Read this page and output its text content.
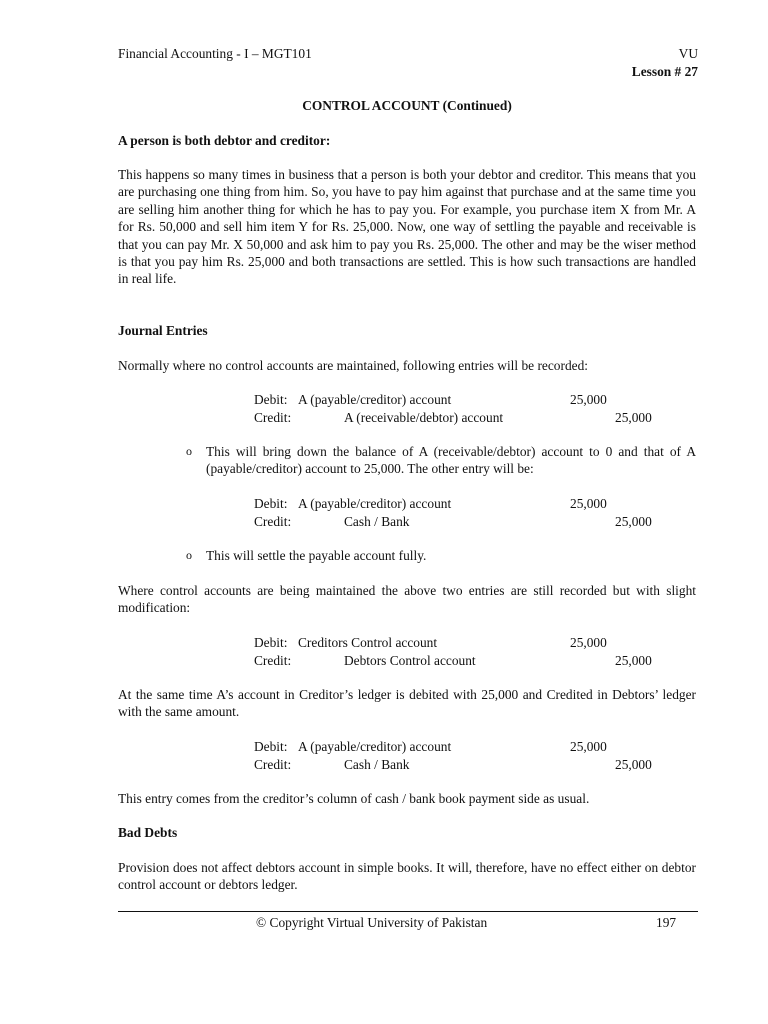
Financial Accounting - I – MGT101	VU
Lesson # 27
CONTROL ACCOUNT (Continued)
A person is both debtor and creditor:

This happens so many times in business that a person is both your debtor and creditor. This means that you are purchasing one thing from him. So, you have to pay him against that purchase and at the same time you are selling him another thing for which he has to pay you. For example, you purchase item X from Mr. A for Rs. 50,000 and sell him item Y for Rs. 25,000. Now, one way of settling the payable and receivable is that you can pay Mr. X 50,000 and ask him to pay you Rs. 25,000. The other and may be the wiser method is that you pay him Rs. 25,000 and both transactions are settled. This is how such transactions are handled in real life.

Journal Entries

Normally where no control accounts are maintained, following entries will be recorded:

Debit: A (payable/creditor) account	25,000
Credit:	A (receivable/debtor) account	25,000
o This will bring down the balance of A (receivable/debtor) account to 0 and that of A (payable/creditor) account to 25,000. The other entry will be:

Debit: A (payable/creditor) account	25,000
Credit:	Cash / Bank	25,000
o This will settle the payable account fully.

Where control accounts are being maintained the above two entries are still recorded but with slight modification:

Debit: Creditors Control account	25,000
Credit:	Debtors Control account	25,000

At the same time A’s account in Creditor’s ledger is debited with 25,000 and Credited in Debtors’ ledger with the same amount.

Debit: A (payable/creditor) account	25,000
Credit:	Cash / Bank	25,000

This entry comes from the creditor’s column of cash / bank book payment side as usual.

Bad Debts

Provision does not affect debtors account in simple books. It will, therefore, have no effect either on debtor control account or debtors ledger.

© Copyright Virtual University of Pakistan	197
